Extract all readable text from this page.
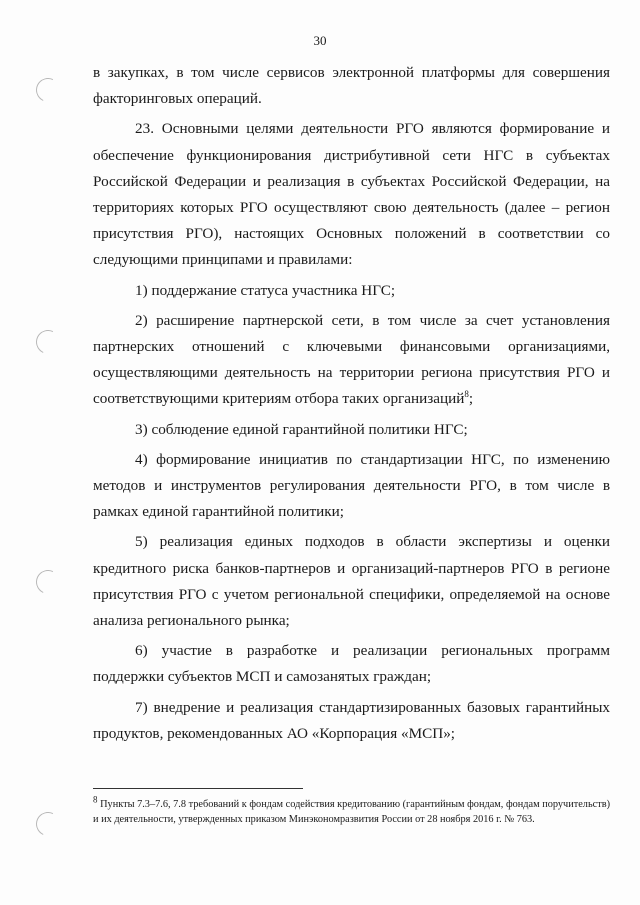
30

в закупках, в том числе сервисов электронной платформы для совершения факторинговых операций.

23. Основными целями деятельности РГО являются формирование и обеспечение функционирования дистрибутивной сети НГС в субъектах Российской Федерации и реализация в субъектах Российской Федерации, на территориях которых РГО осуществляют свою деятельность (далее – регион присутствия РГО), настоящих Основных положений в соответствии со следующими принципами и правилами:

1) поддержание статуса участника НГС;

2) расширение партнерской сети, в том числе за счет установления партнерских отношений с ключевыми финансовыми организациями, осуществляющими деятельность на территории региона присутствия РГО и соответствующими критериям отбора таких организаций$^8$;

3) соблюдение единой гарантийной политики НГС;

4) формирование инициатив по стандартизации НГС, по изменению методов и инструментов регулирования деятельности РГО, в том числе в рамках единой гарантийной политики;

5) реализация единых подходов в области экспертизы и оценки кредитного риска банков-партнеров и организаций-партнеров РГО в регионе присутствия РГО с учетом региональной специфики, определяемой на основе анализа регионального рынка;

6) участие в разработке и реализации региональных программ поддержки субъектов МСП и самозанятых граждан;

7) внедрение и реализация стандартизированных базовых гарантийных продуктов, рекомендованных АО «Корпорация «МСП»;

$^8$ Пункты 7.3–7.6, 7.8 требований к фондам содействия кредитованию (гарантийным фондам, фондам поручительств) и их деятельности, утвержденных приказом Минэкономразвития России от 28 ноября 2016 г. № 763.
